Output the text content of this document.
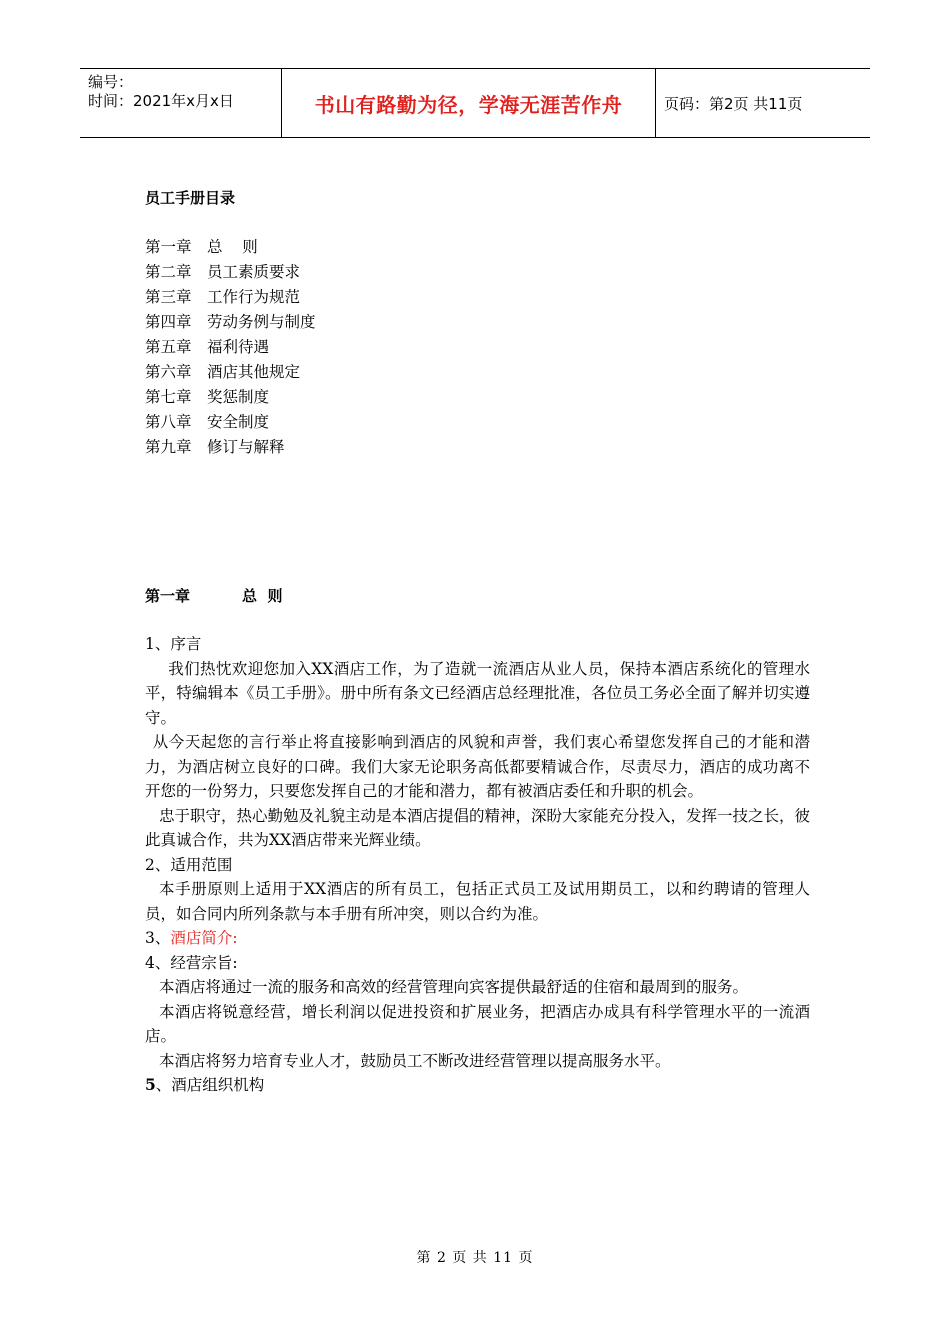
编号：
时间：2021年x月x日	书山有路勤为径，学海无涯苦作舟	页码：第2页 共11页
员工手册目录
第一章 总    则
第二章 员工素质要求
第三章 工作行为规范
第四章 劳动务例与制度
第五章 福利待遇
第六章 酒店其他规定
第七章 奖惩制度
第八章 安全制度
第九章 修订与解释
第一章	总  则

1、序言

我们热忱欢迎您加入XX酒店工作，为了造就一流酒店从业人员，保持本酒店系统化的管理水平，特编辑本《员工手册》。册中所有条文已经酒店总经理批准，各位员工务必全面了解并切实遵守。

从今天起您的言行举止将直接影响到酒店的风貌和声誉，我们衷心希望您发挥自己的才能和潜力，为酒店树立良好的口碑。我们大家无论职务高低都要精诚合作，尽责尽力，酒店的成功离不开您的一份努力，只要您发挥自己的才能和潜力，都有被酒店委任和升职的机会。

忠于职守，热心勤勉及礼貌主动是本酒店提倡的精神，深盼大家能充分投入，发挥一技之长，彼此真诚合作，共为XX酒店带来光辉业绩。

2、适用范围

本手册原则上适用于XX酒店的所有员工，包括正式员工及试用期员工，以和约聘请的管理人员，如合同内所列条款与本手册有所冲突，则以合约为准。

3、酒店简介:

4、经营宗旨:

本酒店将通过一流的服务和高效的经营管理向宾客提供最舒适的住宿和最周到的服务。

本酒店将锐意经营，增长利润以促进投资和扩展业务，把酒店办成具有科学管理水平的一流酒店。

本酒店将努力培育专业人才，鼓励员工不断改进经营管理以提高服务水平。

5、酒店组织机构

第 2 页 共 11 页
